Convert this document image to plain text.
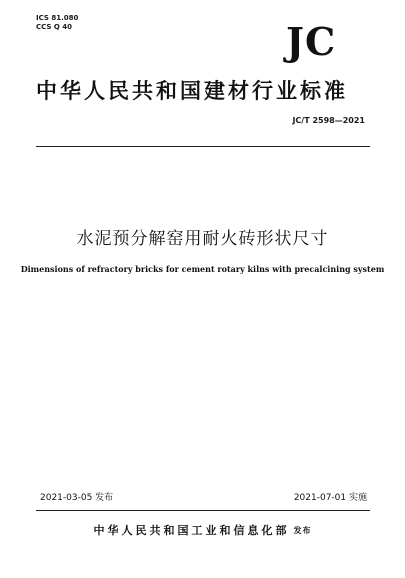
ICS 81.080
CCS Q 40	JC
中华人民共和国建材行业标准
JC/T 2598—2021
水泥预分解窑用耐火砖形状尺寸
Dimensions of refractory bricks for cement rotary kilns with precalcining system
2021-03-05 发布	2021-07-01 实施
中华人民共和国工业和信息化部 发布
